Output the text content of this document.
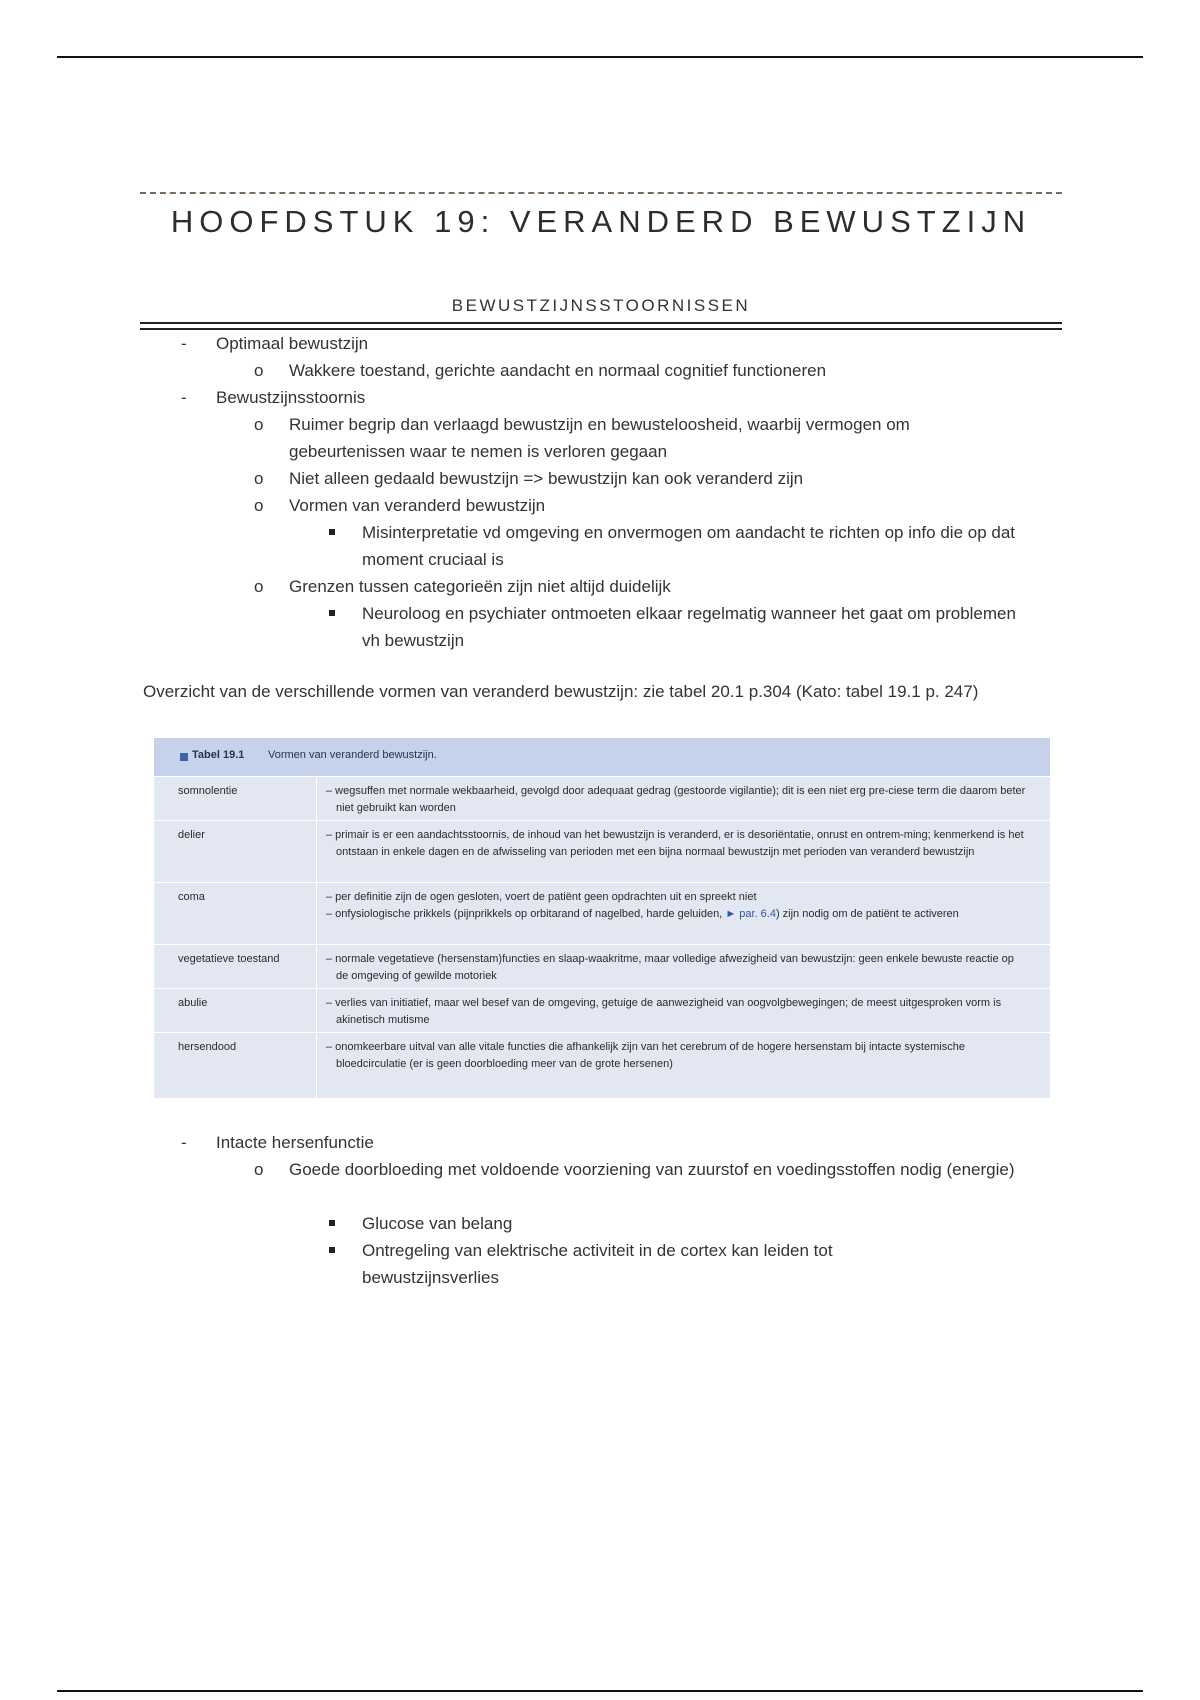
HOOFDSTUK 19: VERANDERD BEWUSTZIJN
BEWUSTZIJNSSTOORNISSEN
- Optimaal bewustzijn
o Wakkere toestand, gerichte aandacht en normaal cognitief functioneren
- Bewustzijnsstoornis
o Ruimer begrip dan verlaagd bewustzijn en bewusteloosheid, waarbij vermogen om gebeurtenissen waar te nemen is verloren gegaan
o Niet alleen gedaald bewustzijn => bewustzijn kan ook veranderd zijn
o Vormen van veranderd bewustzijn
Misinterpretatie vd omgeving en onvermogen om aandacht te richten op info die op dat moment cruciaal is
o Grenzen tussen categorieën zijn niet altijd duidelijk
Neuroloog en psychiater ontmoeten elkaar regelmatig wanneer het gaat om problemen vh bewustzijn
Overzicht van de verschillende vormen van veranderd bewustzijn: zie tabel 20.1 p.304 (Kato: tabel 19.1 p. 247)
Tabel 19.1 Vormen van veranderd bewustzijn.
somnolentie	– wegsuffen met normale wekbaarheid, gevolgd door adequaat gedrag (gestoorde vigilantie); dit is een niet erg pre-ciese term die daarom beter niet gebruikt kan worden
delier	– primair is er een aandachtsstoornis, de inhoud van het bewustzijn is veranderd, er is desoriëntatie, onrust en ontrem-ming; kenmerkend is het ontstaan in enkele dagen en de afwisseling van perioden met een bijna normaal bewustzijn met perioden van veranderd bewustzijn
coma	– per definitie zijn de ogen gesloten, voert de patiënt geen opdrachten uit en spreekt niet
– onfysiologische prikkels (pijnprikkels op orbitarand of nagelbed, harde geluiden, ► par. 6.4) zijn nodig om de patiënt te activeren
vegetatieve toestand	– normale vegetatieve (hersenstam)functies en slaap-waakritme, maar volledige afwezigheid van bewustzijn: geen enkele bewuste reactie op de omgeving of gewilde motoriek
abulie	– verlies van initiatief, maar wel besef van de omgeving, getuige de aanwezigheid van oogvolgbewegingen; de meest uitgesproken vorm is akinetisch mutisme
hersendood	– onomkeerbare uitval van alle vitale functies die afhankelijk zijn van het cerebrum of de hogere hersenstam bij intacte systemische bloedcirculatie (er is geen doorbloeding meer van de grote hersenen)
- Intacte hersenfunctie
o Goede doorbloeding met voldoende voorziening van zuurstof en voedingsstoffen nodig (energie)
Glucose van belang
Ontregeling van elektrische activiteit in de cortex kan leiden tot bewustzijnsverlies
